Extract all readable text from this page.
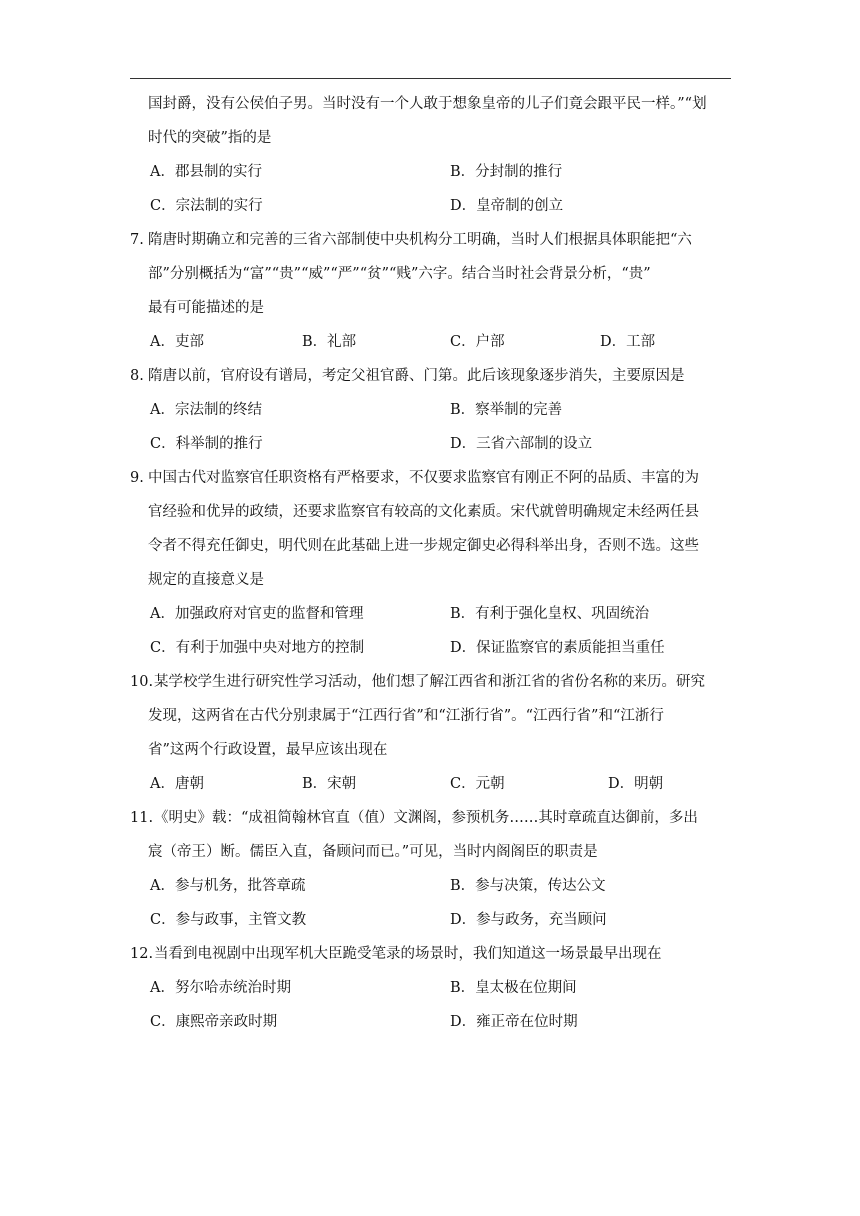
国封爵，没有公侯伯子男。当时没有一个人敢于想象皇帝的儿子们竟会跟平民一样。”“划
时代的突破”指的是
A．郡县制的实行	B．分封制的推行
C．宗法制的实行	D．皇帝制的创立
7. 隋唐时期确立和完善的三省六部制使中央机构分工明确，当时人们根据具体职能把“六
部”分别概括为“富”“贵”“威”“严”“贫”“贱”六字。结合当时社会背景分析，“贵”
最有可能描述的是
A．吏部	B．礼部	C．户部	D．工部
8. 隋唐以前，官府设有谱局，考定父祖官爵、门第。此后该现象逐步消失，主要原因是
A．宗法制的终结	B．察举制的完善
C．科举制的推行	D．三省六部制的设立
9. 中国古代对监察官任职资格有严格要求，不仅要求监察官有刚正不阿的品质、丰富的为
官经验和优异的政绩，还要求监察官有较高的文化素质。宋代就曾明确规定未经两任县
令者不得充任御史，明代则在此基础上进一步规定御史必得科举出身，否则不选。这些
规定的直接意义是
A．加强政府对官吏的监督和管理	B．有利于强化皇权、巩固统治
C．有利于加强中央对地方的控制	D．保证监察官的素质能担当重任
10.某学校学生进行研究性学习活动，他们想了解江西省和浙江省的省份名称的来历。研究
发现，这两省在古代分别隶属于“江西行省”和“江浙行省”。“江西行省”和“江浙行
省”这两个行政设置，最早应该出现在
A．唐朝	B．宋朝	C．元朝	D．明朝
11.《明史》载：“成祖简翰林官直（值）文渊阁，参预机务……其时章疏直达御前，多出
宸（帝王）断。儒臣入直，备顾问而已。”可见，当时内阁阁臣的职责是
A．参与机务，批答章疏	B．参与决策，传达公文
C．参与政事，主管文教	D．参与政务，充当顾问
12.当看到电视剧中出现军机大臣跪受笔录的场景时，我们知道这一场景最早出现在
A．努尔哈赤统治时期	B．皇太极在位期间
C．康熙帝亲政时期	D．雍正帝在位时期
